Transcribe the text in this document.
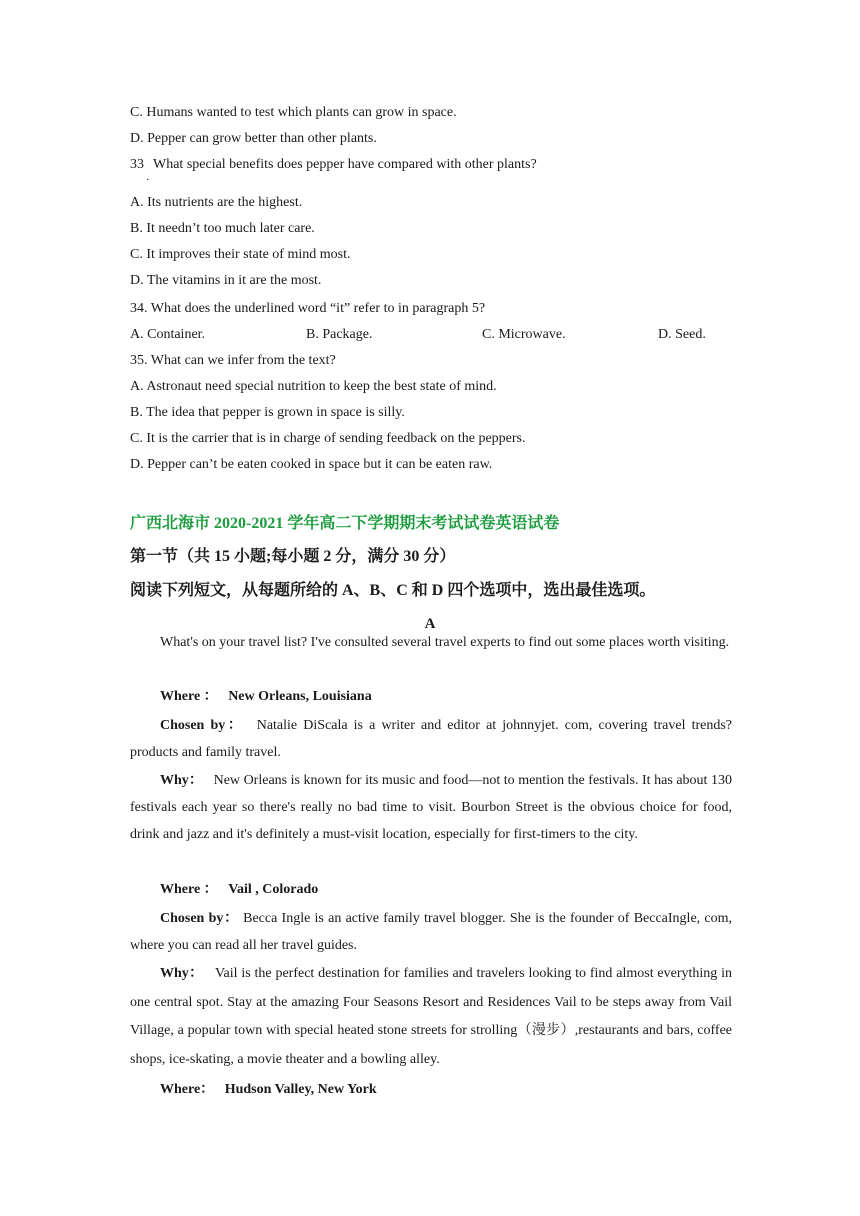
C. Humans wanted to test which plants can grow in space.
D. Pepper can grow better than other plants.
33 What special benefits does pepper have compared with other plants?
·
A. Its nutrients are the highest.
B. It needn’t too much later care.
C. It improves their state of mind most.
D. The vitamins in it are the most.
34. What does the underlined word “it” refer to in paragraph 5?
A. Container.	B. Package.	C. Microwave.	D. Seed.
35. What can we infer from the text?
A. Astronaut need special nutrition to keep the best state of mind.
B. The idea that pepper is grown in space is silly.
C. It is the carrier that is in charge of sending feedback on the peppers.
D. Pepper can’t be eaten cooked in space but it can be eaten raw.
广西北海市 2020-2021 学年高二下学期期末考试试卷英语试卷
第一节（共 15 小题;每小题 2 分，满分 30 分）
阅读下列短文，从每题所给的 A、B、C 和 D 四个选项中，选出最佳选项。
A
What's on your travel list? I've consulted several travel experts to find out some places worth visiting.
Where ： New Orleans, Louisiana
Chosen by： Natalie DiScala is a writer and editor at johnnyjet. com, covering travel trends? products and family travel.
Why： New Orleans is known for its music and food—not to mention the festivals. It has about 130 festivals each year so there's really no bad time to visit. Bourbon Street is the obvious choice for food, drink and jazz and it's definitely a must-visit location, especially for first-timers to the city.
Where ： Vail , Colorado
Chosen by： Becca Ingle is an active family travel blogger. She is the founder of BeccaIngle, com, where you can read all her travel guides.
Why： Vail is the perfect destination for families and travelers looking to find almost everything in one central spot. Stay at the amazing Four Seasons Resort and Residences Vail to be steps away from Vail Village, a popular town with special heated stone streets for strolling（漫步）,restaurants and bars, coffee shops, ice-skating, a movie theater and a bowling alley.
Where： Hudson Valley, New York
